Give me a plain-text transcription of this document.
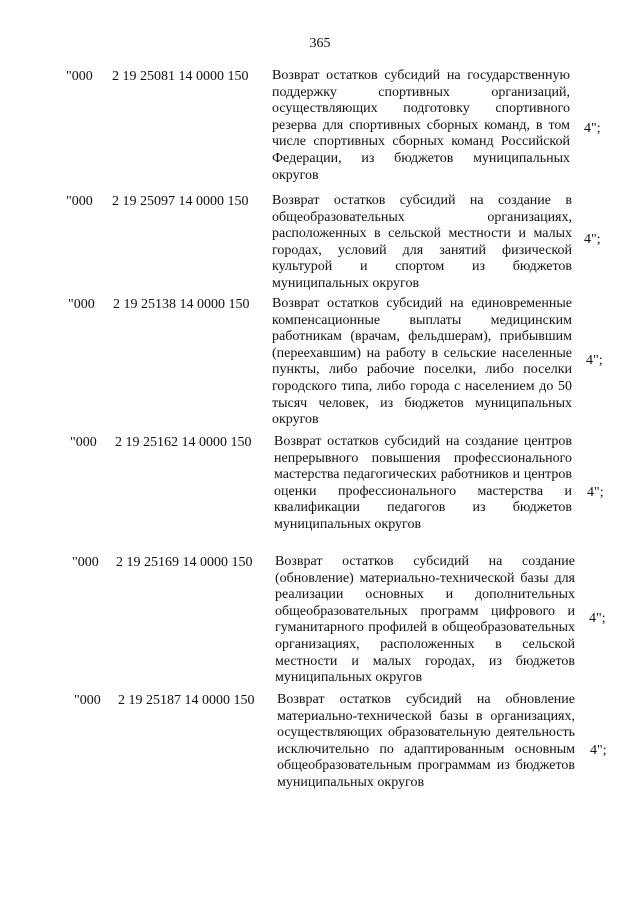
365
"000 2 19 25081 14 0000 150 Возврат остатков субсидий на государственную поддержку спортивных организаций, осуществляющих подготовку спортивного резерва для спортивных сборных команд, в том числе спортивных сборных команд Российской Федерации, из бюджетов муниципальных округов
4";
"000 2 19 25097 14 0000 150 Возврат остатков субсидий на создание в общеобразовательных организациях, расположенных в сельской местности и малых городах, условий для занятий физической культурой и спортом из бюджетов муниципальных округов
4";
"000 2 19 25138 14 0000 150 Возврат остатков субсидий на единовременные компенсационные выплаты медицинским работникам (врачам, фельдшерам), прибывшим (переехавшим) на работу в сельские населенные пункты, либо рабочие поселки, либо поселки городского типа, либо города с населением до 50 тысяч человек, из бюджетов муниципальных округов
4";
"000 2 19 25162 14 0000 150 Возврат остатков субсидий на создание центров непрерывного повышения профессионального мастерства педагогических работников и центров оценки профессионального мастерства и квалификации педагогов из бюджетов муниципальных округов
4";
"000 2 19 25169 14 0000 150 Возврат остатков субсидий на создание (обновление) материально-технической базы для реализации основных и дополнительных общеобразовательных программ цифрового и гуманитарного профилей в общеобразовательных организациях, расположенных в сельской местности и малых городах, из бюджетов муниципальных округов
4";
"000 2 19 25187 14 0000 150 Возврат остатков субсидий на обновление материально-технической базы в организациях, осуществляющих образовательную деятельность исключительно по адаптированным основным общеобразовательным программам из бюджетов муниципальных округов
4";
